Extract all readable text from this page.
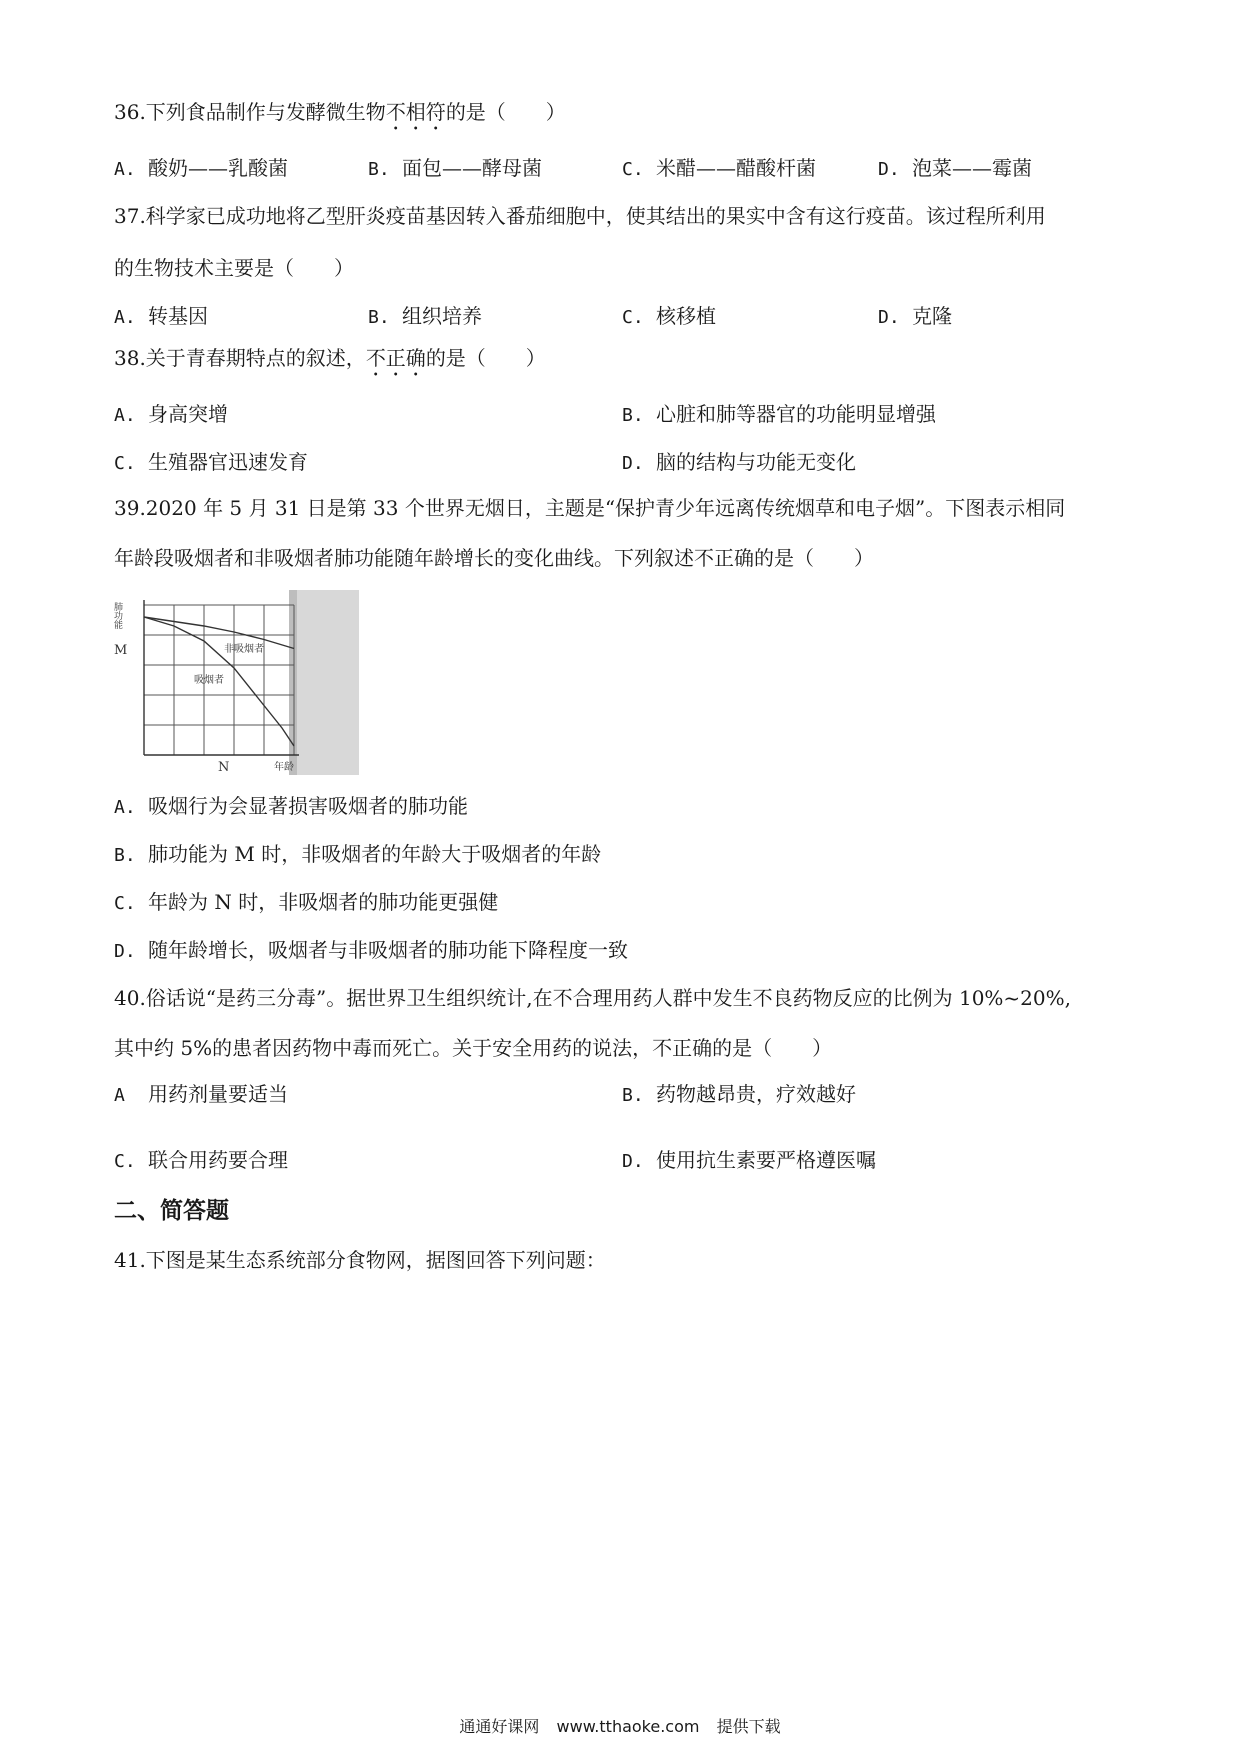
36.下列食品制作与发酵微生物不相符的是（　　）
A. 酸奶——乳酸菌	B. 面包——酵母菌	C. 米醋——醋酸杆菌	D. 泡菜——霉菌
37.科学家已成功地将乙型肝炎疫苗基因转入番茄细胞中，使其结出的果实中含有这行疫苗。该过程所利用
的生物技术主要是（　　）
A. 转基因	B. 组织培养	C. 核移植	D. 克隆
38.关于青春期特点的叙述，不正确的是（　　）
A. 身高突增	B. 心脏和肺等器官的功能明显增强
C. 生殖器官迅速发育	D. 脑的结构与功能无变化
39.2020 年 5 月 31 日是第 33 个世界无烟日，主题是“保护青少年远离传统烟草和电子烟”。下图表示相同
年龄段吸烟者和非吸烟者肺功能随年龄增长的变化曲线。下列叙述不正确的是（　　）
肺功能
M
N	年龄
非吸烟者
吸烟者
A. 吸烟行为会显著损害吸烟者的肺功能
B. 肺功能为 M 时，非吸烟者的年龄大于吸烟者的年龄
C. 年龄为 N 时，非吸烟者的肺功能更强健
D. 随年龄增长，吸烟者与非吸烟者的肺功能下降程度一致
40.俗话说“是药三分毒”。据世界卫生组织统计,在不合理用药人群中发生不良药物反应的比例为 10%~20%,
其中约 5%的患者因药物中毒而死亡。关于安全用药的说法，不正确的是（　　）
A 用药剂量要适当	B. 药物越昂贵，疗效越好
C. 联合用药要合理	D. 使用抗生素要严格遵医嘱
二、简答题
41.下图是某生态系统部分食物网，据图回答下列问题：
通通好课网 www.tthaoke.com 提供下载
